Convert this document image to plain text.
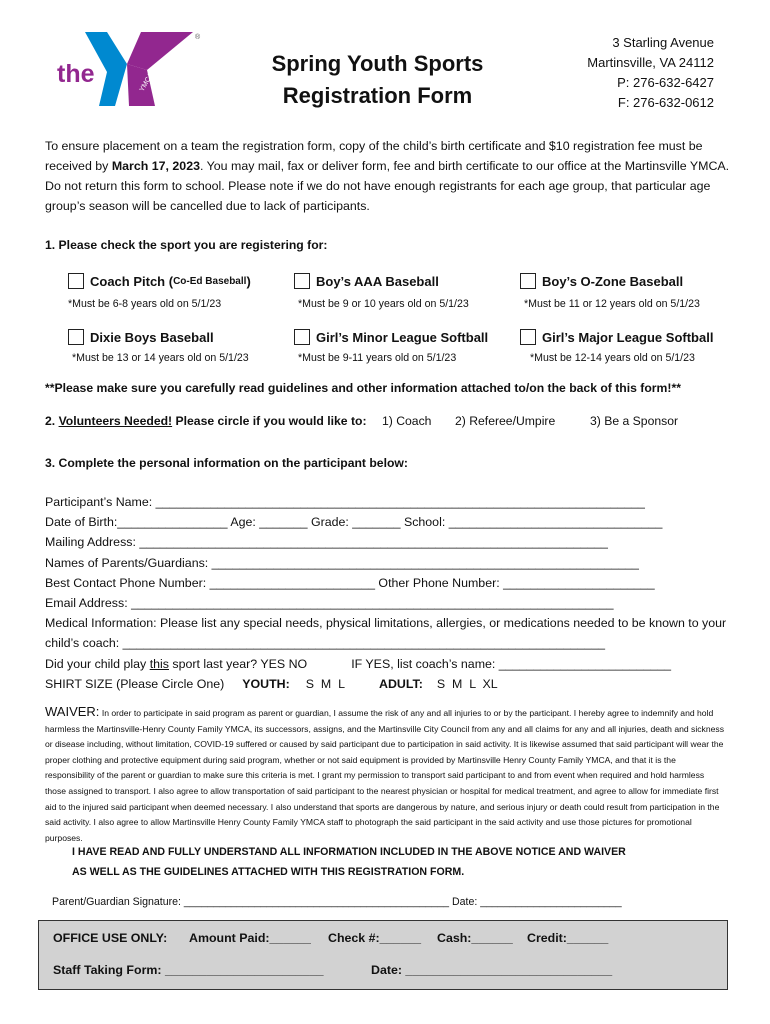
the	YMCA
®
Spring Youth Sports
Registration Form
3 Starling Avenue
Martinsville, VA 24112
P: 276-632-6427
F: 276-632-0612
To ensure placement on a team the registration form, copy of the child’s birth certificate and $10 registration fee must be received by March 17, 2023. You may mail, fax or deliver form, fee and birth certificate to our office at the Martinsville YMCA. Do not return this form to school. Please note if we do not have enough registrants for each age group, that particular age group’s season will be cancelled due to lack of participants.
1. Please check the sport you are registering for:
Coach Pitch ( Co-Ed Baseball )
*Must be 6-8 years old on 5/1/23
Boy’s AAA Baseball
*Must be 9 or 10 years old on 5/1/23
Boy’s O-Zone Baseball
*Must be 11 or 12 years old on 5/1/23
Dixie Boys Baseball
*Must be 13 or 14 years old on 5/1/23
Girl’s Minor League Softball
*Must be 9-11 years old on 5/1/23
Girl’s Major League Softball
*Must be 12-14 years old on 5/1/23
**Please make sure you carefully read guidelines and other information attached to/on the back of this form!**
2. Volunteers Needed! Please circle if you would like to: 1) Coach 2) Referee/Umpire	3) Be a Sponsor
3. Complete the personal information on the participant below:
Participant’s Name: _______________________________________________________________________
Date of Birth:________________ Age: _______ Grade: _______ School: _______________________________
Mailing Address: ____________________________________________________________________
Names of Parents/Guardians: ______________________________________________________________
Best Contact Phone Number: ________________________ Other Phone Number: ______________________
Email Address: ______________________________________________________________________
Medical Information: Please list any special needs, physical limitations, allergies, or medications needed to be known to your child’s coach: ______________________________________________________________________
Did your child play this sport last year? YES NO	IF YES, list coach’s name: _________________________
SHIRT SIZE (Please Circle One) YOUTH: S  M  L	ADULT: S  M  L  XL
WAIVER: In order to participate in said program as parent or guardian, I assume the risk of any and all injuries to or by the participant. I hereby agree to indemnify and hold harmless the Martinsville-Henry County Family YMCA, its successors, assigns, and the Martinsville City Council from any and all claims for any and all injuries, death and sickness or disease including, without limitation, COVID-19 suffered or caused by said participant due to participation in said activity. It is likewise assumed that said participant will wear the proper clothing and protective equipment during said program, whether or not said equipment is provided by Martinsville Henry County Family YMCA, and that it is the responsibility of the parent or guardian to make sure this criteria is met. I grant my permission to transport said participant to and from event when required and hold harmless those assigned to transport. I also agree to allow transportation of said participant to the nearest physician or hospital for medical treatment, and agree to allow for immediate first aid to the injured said participant when deemed necessary. I also understand that sports are dangerous by nature, and serious injury or death could result from participation in the said activity. I also agree to allow Martinsville Henry County Family YMCA staff to photograph the said participant in the said activity and use those pictures for promotional purposes.
I HAVE READ AND FULLY UNDERSTAND ALL INFORMATION INCLUDED IN THE ABOVE NOTICE AND WAIVER
AS WELL AS THE GUIDELINES ATTACHED WITH THIS REGISTRATION FORM.
Parent/Guardian Signature: _____________________________________________ Date: ________________________
OFFICE USE ONLY: Amount Paid:______ Check #:______ Cash:______ Credit:______
Staff Taking Form: _______________________	Date: ______________________________
